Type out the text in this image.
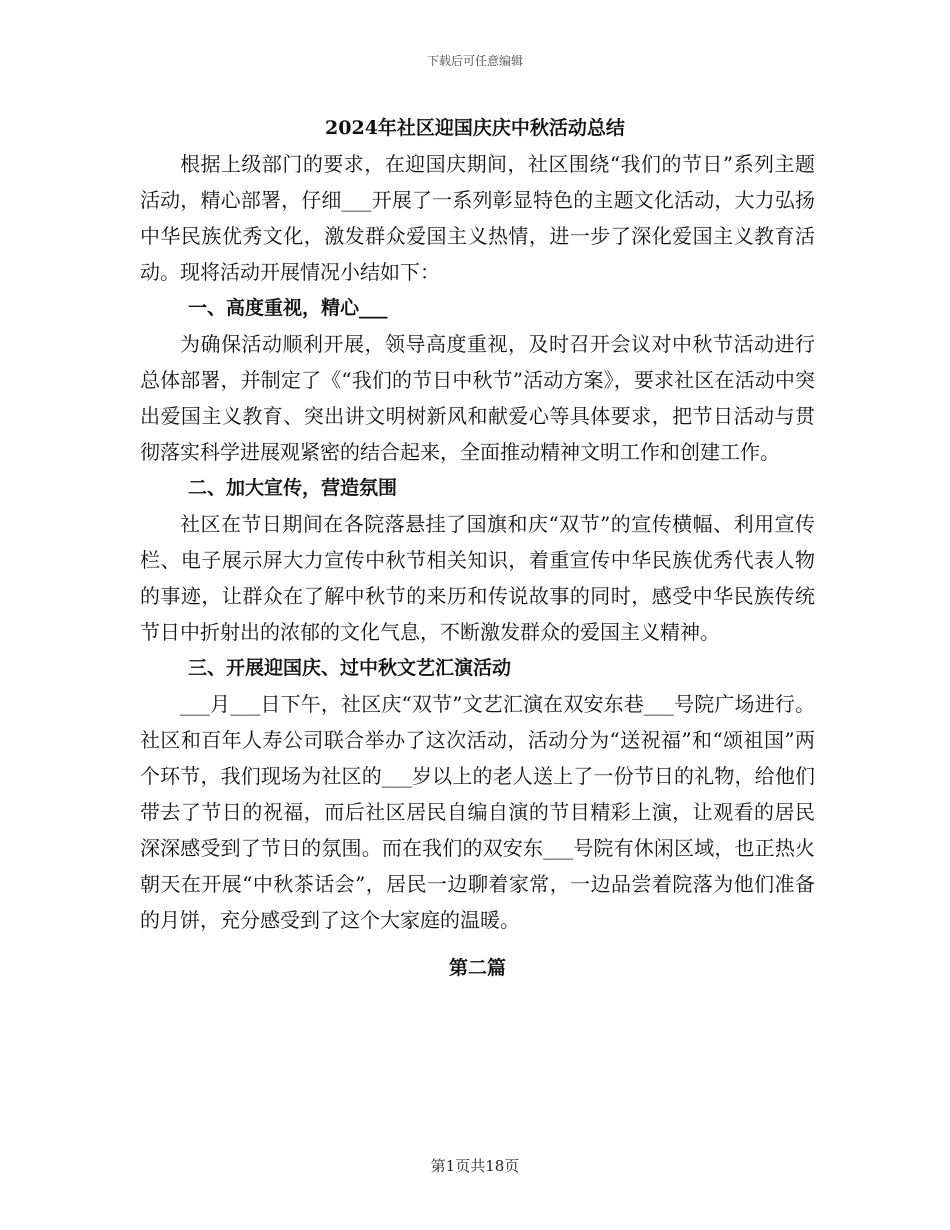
下载后可任意编辑
2024年社区迎国庆庆中秋活动总结

根据上级部门的要求，在迎国庆期间，社区围绕“我们的节日”系列主题活动，精心部署，仔细___开展了一系列彰显特色的主题文化活动，大力弘扬中华民族优秀文化，激发群众爱国主义热情，进一步了深化爱国主义教育活动。现将活动开展情况小结如下：

一、高度重视，精心___

为确保活动顺利开展，领导高度重视，及时召开会议对中秋节活动进行总体部署，并制定了《“我们的节日中秋节”活动方案》，要求社区在活动中突出爱国主义教育、突出讲文明树新风和献爱心等具体要求，把节日活动与贯彻落实科学进展观紧密的结合起来，全面推动精神文明工作和创建工作。

二、加大宣传，营造氛围

社区在节日期间在各院落悬挂了国旗和庆“双节”的宣传横幅、利用宣传栏、电子展示屏大力宣传中秋节相关知识，着重宣传中华民族优秀代表人物的事迹，让群众在了解中秋节的来历和传说故事的同时，感受中华民族传统节日中折射出的浓郁的文化气息，不断激发群众的爱国主义精神。

三、开展迎国庆、过中秋文艺汇演活动

___月___日下午，社区庆“双节”文艺汇演在双安东巷___号院广场进行。社区和百年人寿公司联合举办了这次活动，活动分为“送祝福”和“颂祖国”两个环节，我们现场为社区的___岁以上的老人送上了一份节日的礼物，给他们带去了节日的祝福，而后社区居民自编自演的节目精彩上演，让观看的居民深深感受到了节日的氛围。而在我们的双安东___号院有休闲区域，也正热火朝天在开展“中秋茶话会”，居民一边聊着家常，一边品尝着院落为他们准备的月饼，充分感受到了这个大家庭的温暖。

第二篇

第1页共18页
